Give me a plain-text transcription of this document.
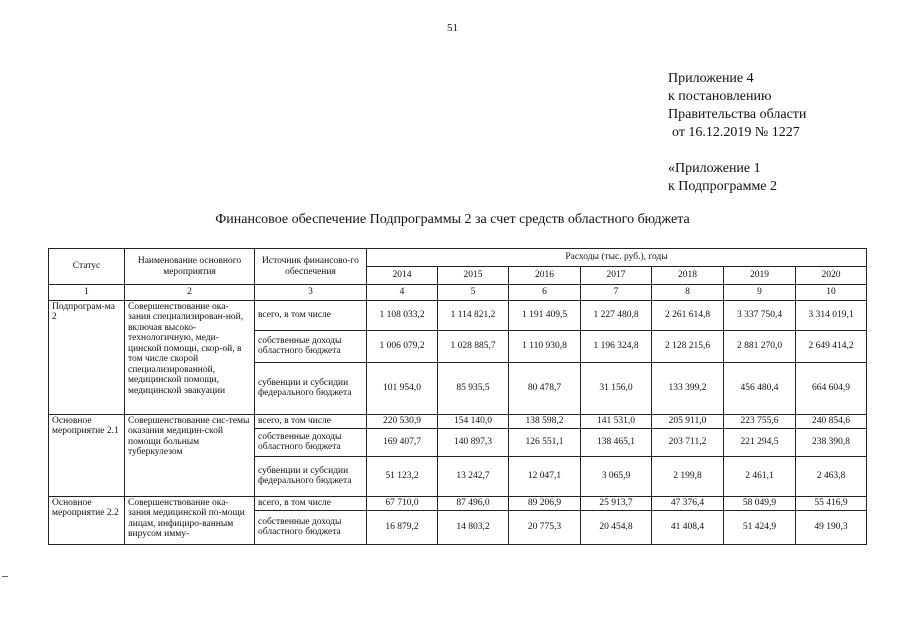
51
Приложение 4
к постановлению
Правительства области
от 16.12.2019 № 1227
«Приложение 1
к Подпрограмме 2
Финансовое обеспечение Подпрограммы 2 за счет средств областного бюджета
Статус	Наименование основного мероприятия	Источник финансово-го обеспечения	Расходы (тыс. руб.), годы						
			2014	2015	2016	2017	2018	2019	2020
1	2	3	4	5	6	7	8	9	10
Подпрограм-ма 2	Совершенствование ока-зания специализирован-ной, включая высоко-технологичную, меди-цинской помощи, скор-ой, в том числе скорой специализированной, медицинской помощи, медицинской эвакуации	всего, в том числе	1 108 033,2	1 114 821,2	1 191 409,5	1 227 480,8	2 261 614,8	3 337 750,4	3 314 019,1
		собственные доходы областного бюджета	1 006 079,2	1 028 885,7	1 110 930,8	1 196 324,8	2 128 215,6	2 881 270,0	2 649 414,2
		субвенции и субсидии федерального бюджета	101 954,0	85 935,5	80 478,7	31 156,0	133 399,2	456 480,4	664 604,9
Основное мероприятие 2.1	Совершенствование сис-темы оказания медицин-ской помощи больным туберкулезом	всего, в том числе	220 530,9	154 140,0	138 598,2	141 531,0	205 911,0	223 755,6	240 854,6
		собственные доходы областного бюджета	169 407,7	140 897,3	126 551,1	138 465,1	203 711,2	221 294,5	238 390,8
		субвенции и субсидии федерального бюджета	51 123,2	13 242,7	12 047,1	3 065,9	2 199,8	2 461,1	2 463,8
Основное мероприятие 2.2	Совершенствование ока-зания медицинской по-мощи лицам, инфициро-ванным вирусом имму-	всего, в том числе	67 710,0	87 496,0	89 206,9	25 913,7	47 376,4	58 049,9	55 416,9
		собственные доходы областного бюджета	16 879,2	14 803,2	20 775,3	20 454,8	41 408,4	51 424,9	49 190,3
